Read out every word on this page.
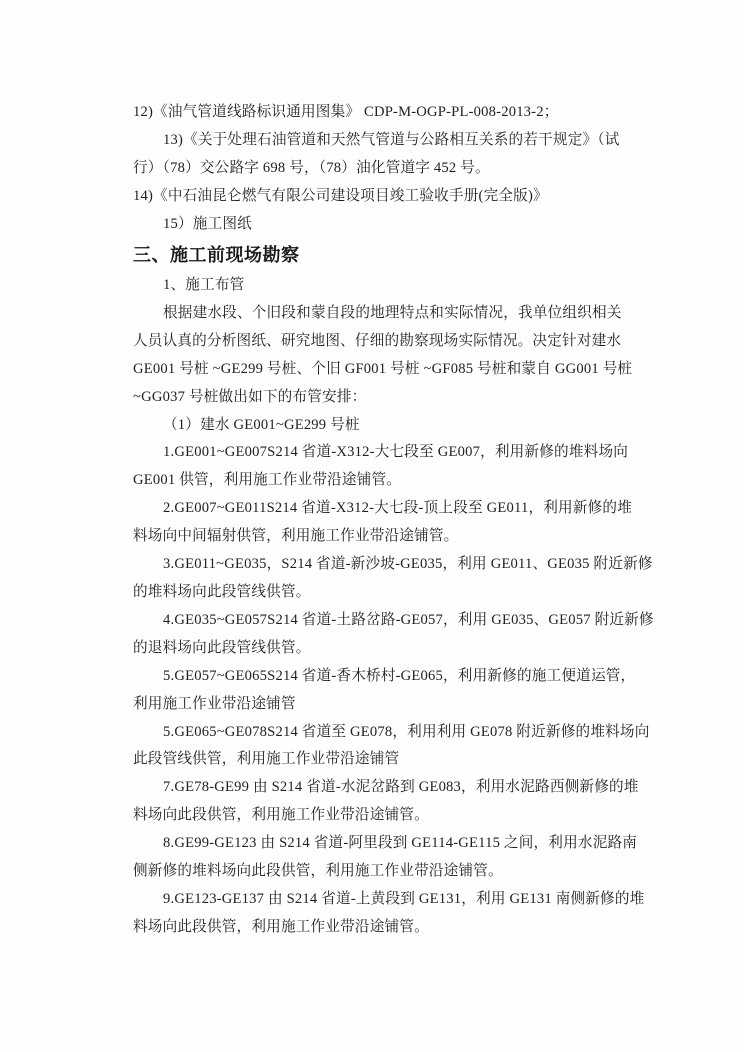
12)《油气管道线路标识通用图集》 CDP-M-OGP-PL-008-2013-2；
13)《关于处理石油管道和天然气管道与公路相互关系的若干规定》（试
行）（78）交公路字 698 号，（78）油化管道字 452 号。
14)《中石油昆仑燃气有限公司建设项目竣工验收手册(完全版)》
15）施工图纸
三、施工前现场勘察
1、施工布管
根据建水段、个旧段和蒙自段的地理特点和实际情况，我单位组织相关
人员认真的分析图纸、研究地图、仔细的勘察现场实际情况。决定针对建水
GE001 号桩 ~GE299 号桩、个旧 GF001 号桩 ~GF085 号桩和蒙自 GG001 号桩
~GG037 号桩做出如下的布管安排：
（1）建水 GE001~GE299 号桩
1.GE001~GE007S214 省道-X312-大七段至 GE007，利用新修的堆料场向
GE001 供管，利用施工作业带沿途铺管。
2.GE007~GE011S214 省道-X312-大七段-顶上段至 GE011，利用新修的堆
料场向中间辐射供管，利用施工作业带沿途铺管。
3.GE011~GE035，S214 省道-新沙坡-GE035，利用 GE011、GE035 附近新修
的堆料场向此段管线供管。
4.GE035~GE057S214 省道-土路岔路-GE057，利用 GE035、GE057 附近新修
的退料场向此段管线供管。
5.GE057~GE065S214 省道-香木桥村-GE065，利用新修的施工便道运管，
利用施工作业带沿途铺管
5.GE065~GE078S214 省道至 GE078，利用利用 GE078 附近新修的堆料场向
此段管线供管，利用施工作业带沿途铺管
7.GE78-GE99 由 S214 省道-水泥岔路到 GE083，利用水泥路西侧新修的堆
料场向此段供管，利用施工作业带沿途铺管。
8.GE99-GE123 由 S214 省道-阿里段到 GE114-GE115 之间，利用水泥路南
侧新修的堆料场向此段供管，利用施工作业带沿途铺管。
9.GE123-GE137 由 S214 省道-上黄段到 GE131，利用 GE131 南侧新修的堆
料场向此段供管，利用施工作业带沿途铺管。
